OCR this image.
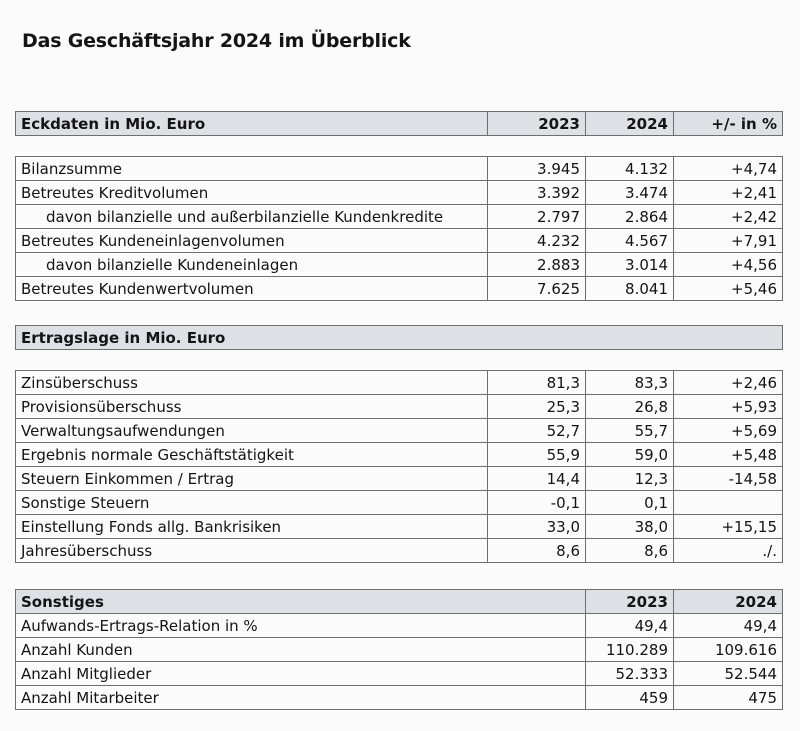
Das Geschäftsjahr 2024 im Überblick
Eckdaten in Mio. Euro	2023	2024	+/- in %

Bilanzsumme	3.945	4.132	+4,74
Betreutes Kreditvolumen	3.392	3.474	+2,41
davon bilanzielle und außerbilanzielle Kundenkredite	2.797	2.864	+2,42
Betreutes Kundeneinlagenvolumen	4.232	4.567	+7,91
davon bilanzielle Kundeneinlagen	2.883	3.014	+4,56
Betreutes Kundenwertvolumen	7.625	8.041	+5,46
Ertragslage in Mio. Euro			

Zinsüberschuss	81,3	83,3	+2,46
Provisionsüberschuss	25,3	26,8	+5,93
Verwaltungsaufwendungen	52,7	55,7	+5,69
Ergebnis normale Geschäftstätigkeit	55,9	59,0	+5,48
Steuern Einkommen / Ertrag	14,4	12,3	-14,58
Sonstige Steuern	-0,1	0,1	
Einstellung Fonds allg. Bankrisiken	33,0	38,0	+15,15
Jahresüberschuss	8,6	8,6	./.
Sonstiges	2023	2024
Aufwands-Ertrags-Relation in %	49,4	49,4
Anzahl Kunden	110.289	109.616
Anzahl Mitglieder	52.333	52.544
Anzahl Mitarbeiter	459	475
